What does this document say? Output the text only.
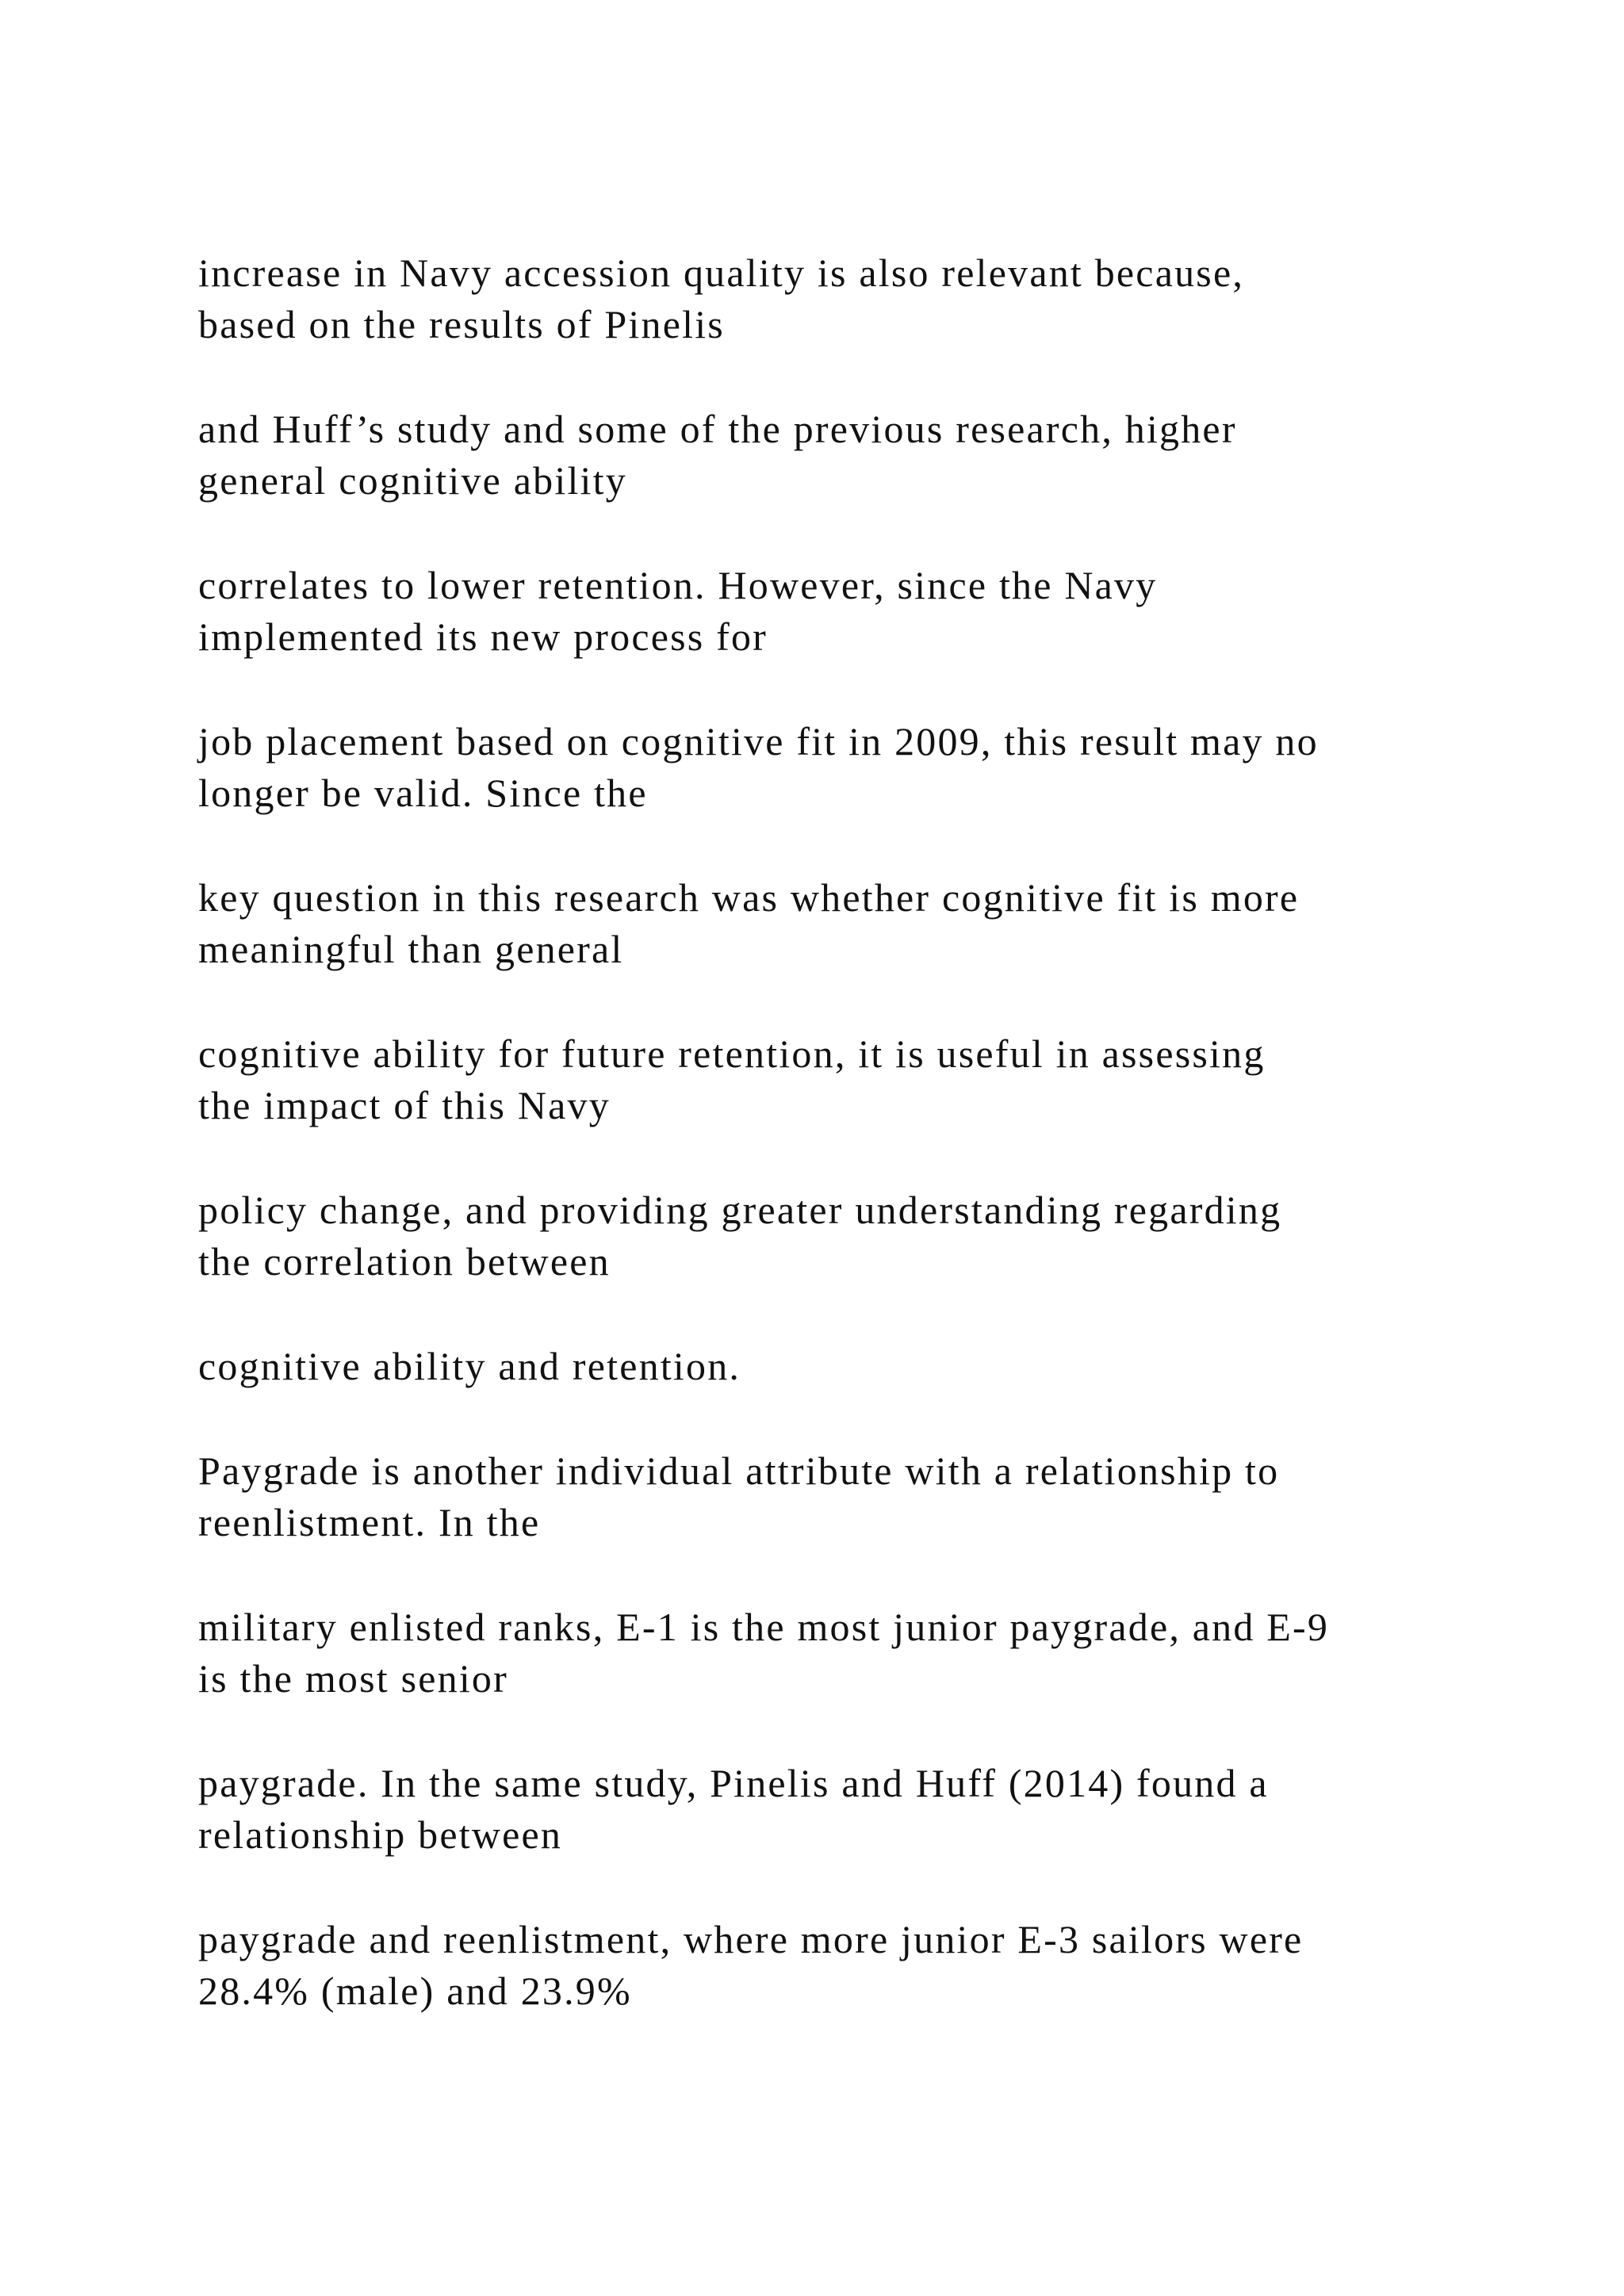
increase in Navy accession quality is also relevant because,
based on the results of Pinelis

and Huff’s study and some of the previous research, higher
general cognitive ability

correlates to lower retention. However, since the Navy
implemented its new process for

job placement based on cognitive fit in 2009, this result may no
longer be valid. Since the

key question in this research was whether cognitive fit is more
meaningful than general

cognitive ability for future retention, it is useful in assessing
the impact of this Navy

policy change, and providing greater understanding regarding
the correlation between

cognitive ability and retention.

Paygrade is another individual attribute with a relationship to
reenlistment. In the

military enlisted ranks, E-1 is the most junior paygrade, and E-9
is the most senior

paygrade. In the same study, Pinelis and Huff (2014) found a
relationship between

paygrade and reenlistment, where more junior E-3 sailors were
28.4% (male) and 23.9%
